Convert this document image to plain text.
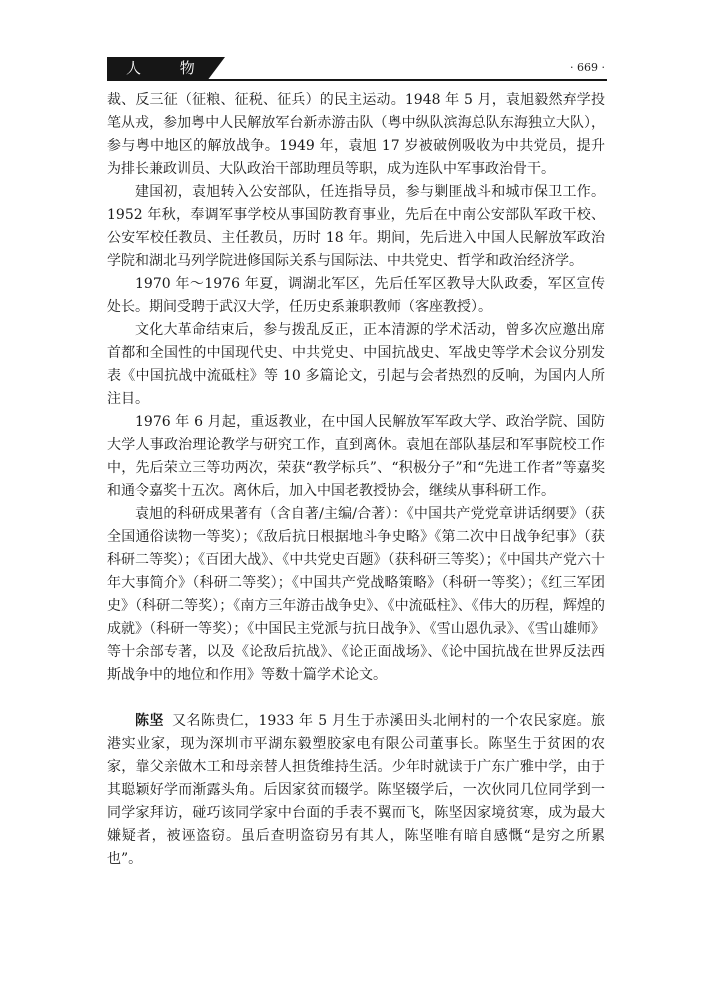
人 物	· 669 ·

裁、反三征（征粮、征税、征兵）的民主运动。1948 年 5 月，袁旭毅然弃学投笔从戎，参加粤中人民解放军台新赤游击队（粤中纵队滨海总队东海独立大队），参与粤中地区的解放战争。1949 年，袁旭 17 岁被破例吸收为中共党员，提升为排长兼政训员、大队政治干部助理员等职，成为连队中军事政治骨干。

建国初，袁旭转入公安部队，任连指导员，参与剿匪战斗和城市保卫工作。1952 年秋，奉调军事学校从事国防教育事业，先后在中南公安部队军政干校、公安军校任教员、主任教员，历时 18 年。期间，先后进入中国人民解放军政治学院和湖北马列学院进修国际关系与国际法、中共党史、哲学和政治经济学。

1970 年～1976 年夏，调湖北军区，先后任军区教导大队政委，军区宣传处长。期间受聘于武汉大学，任历史系兼职教师（客座教授）。

文化大革命结束后，参与拨乱反正，正本清源的学术活动，曾多次应邀出席首都和全国性的中国现代史、中共党史、中国抗战史、军战史等学术会议分别发表《中国抗战中流砥柱》等 10 多篇论文，引起与会者热烈的反响，为国内人所注目。

1976 年 6 月起，重返教业，在中国人民解放军军政大学、政治学院、国防大学人事政治理论教学与研究工作，直到离休。袁旭在部队基层和军事院校工作中，先后荣立三等功两次，荣获“教学标兵”、“积极分子”和“先进工作者”等嘉奖和通令嘉奖十五次。离休后，加入中国老教授协会，继续从事科研工作。

袁旭的科研成果著有（含自著/主编/合著）：《中国共产党党章讲话纲要》（获全国通俗读物一等奖）；《敌后抗日根据地斗争史略》《第二次中日战争纪事》（获科研二等奖）；《百团大战》、《中共党史百题》（获科研三等奖）；《中国共产党六十年大事简介》（科研二等奖）；《中国共产党战略策略》（科研一等奖）；《红三军团史》（科研二等奖）；《南方三年游击战争史》、《中流砥柱》、《伟大的历程，辉煌的成就》（科研一等奖）；《中国民主党派与抗日战争》、《雪山恩仇录》、《雪山雄师》 等十余部专著，以及《论敌后抗战》、《论正面战场》、《论中国抗战在世界反法西斯战争中的地位和作用》等数十篇学术论文。

陈坚 又名陈贵仁，1933 年 5 月生于赤溪田头北闸村的一个农民家庭。旅港实业家，现为深圳市平湖东毅塑胶家电有限公司董事长。陈坚生于贫困的农家，靠父亲做木工和母亲替人担货维持生活。少年时就读于广东广雅中学，由于其聪颖好学而渐露头角。后因家贫而辍学。陈坚辍学后，一次伙同几位同学到一同学家拜访，碰巧该同学家中台面的手表不翼而飞，陈坚因家境贫寒，成为最大嫌疑者，被诬盗窃。虽后查明盗窃另有其人，陈坚唯有暗自感慨“是穷之所累也”。
